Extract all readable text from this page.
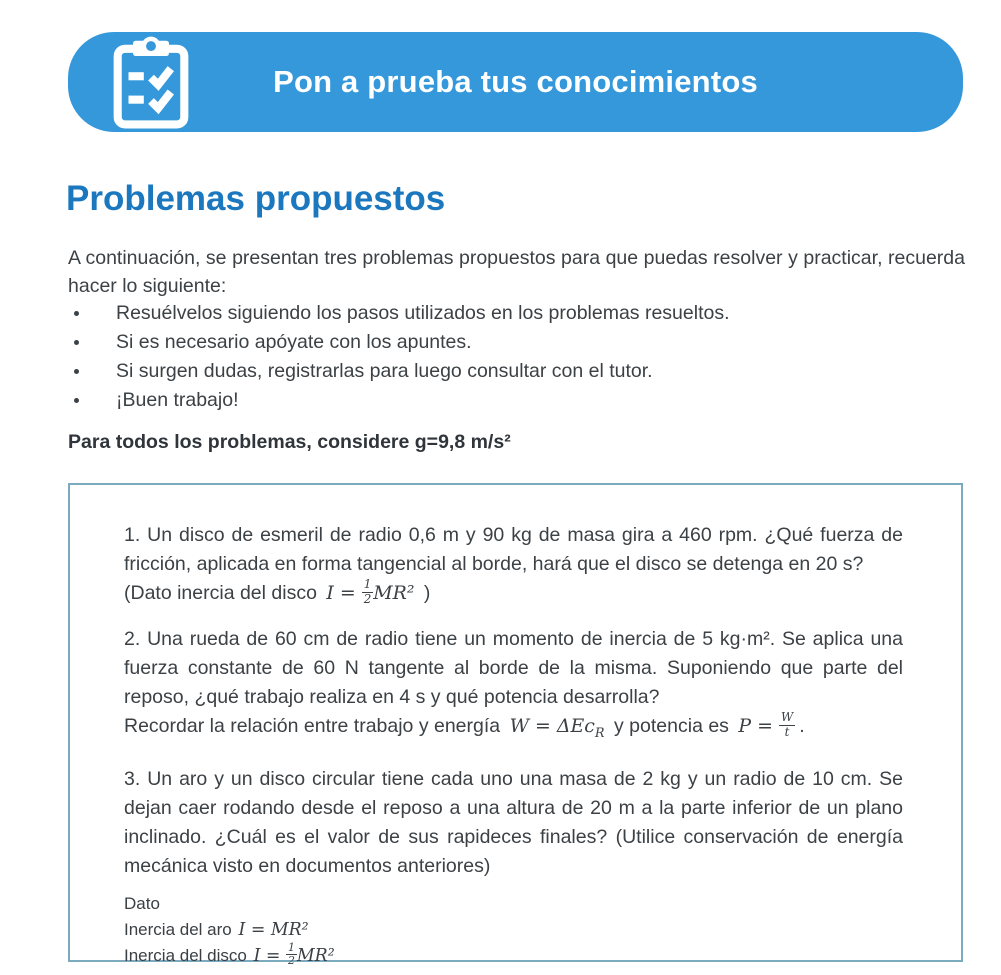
Pon a prueba tus conocimientos
Problemas propuestos

A continuación, se presentan tres problemas propuestos para que puedas resolver y practicar, recuerda hacer lo siguiente:

Resuélvelos siguiendo los pasos utilizados en los problemas resueltos.
Si es necesario apóyate con los apuntes.
Si surgen dudas, registrarlas para luego consultar con el tutor.
¡Buen trabajo!

Para todos los problemas, considere g=9,8 m/s²

1. Un disco de esmeril de radio 0,6 m y 90 kg de masa gira a 460 rpm. ¿Qué fuerza de fricción, aplicada en forma tangencial al borde, hará que el disco se detenga en 20 s?

(Dato inercia del disco $I = \frac{1}{2} MR^2$ )

2. Una rueda de 60 cm de radio tiene un momento de inercia de 5 kg·m². Se aplica una fuerza constante de 60 N tangente al borde de la misma. Suponiendo que parte del reposo, ¿qué trabajo realiza en 4 s y qué potencia desarrolla?

Recordar la relación entre trabajo y energía W = ΔEc$_R$ y potencia es $P = \frac{W}{t}$ .

3. Un aro y un disco circular tiene cada uno una masa de 2 kg y un radio de 10 cm. Se dejan caer rodando desde el reposo a una altura de 20 m a la parte inferior de un plano inclinado. ¿Cuál es el valor de sus rapideces finales? (Utilice conservación de energía mecánica visto en documentos anteriores)

Dato

Inercia del aro I = MR²

Inercia del disco $I = \frac{1}{2} MR^2$
